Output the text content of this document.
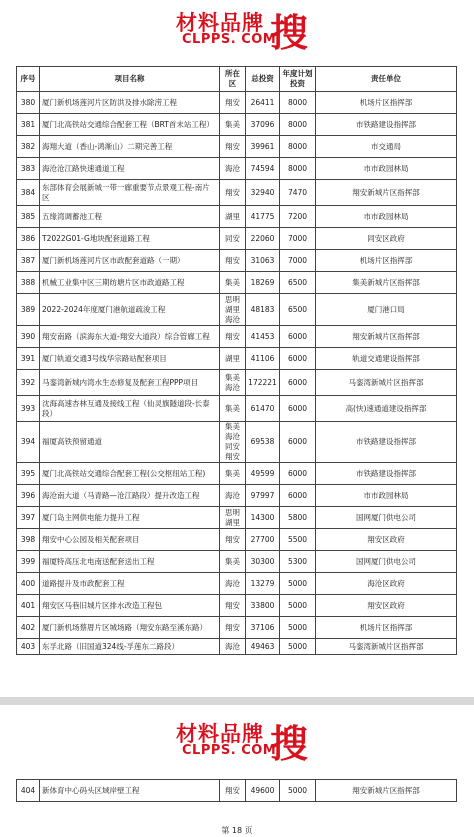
材料品牌
CLPPS. COM
搜
序号	项目名称	所在区	总投资	年度计划投资	责任单位
380	厦门新机场莲河片区防洪及排水除涝工程	翔安	26411	8000	机场片区指挥部
381	厦门北高铁站交通综合配套工程（BRT首末站工程）	集美	37096	8000	市铁路建设指挥部
382	海翔大道（香山-鸿渐山）二期完善工程	翔安	39961	8000	市交通局
383	海沧沧江路快速通道工程	海沧	74594	8000	市市政园林局
384	东部体育会展新城一带一廊重要节点景观工程-南片区	翔安	32940	7470	翔安新城片区指挥部
385	五缘湾调蓄池工程	湖里	41775	7200	市市政园林局
386	T2022G01-G地块配套道路工程	同安	22060	7000	同安区政府
387	厦门新机场莲河片区市政配套道路（一期）	翔安	31063	7000	机场片区指挥部
388	机械工业集中区三期纺塘片区市政道路工程	集美	18269	6500	集美新城片区指挥部
389	2022-2024年度厦门港航道疏浚工程	思明 湖里 海沧	48183	6500	厦门港口局
390	翔安南路（滨海东大道-翔安大道段）综合管廊工程	翔安	41453	6000	翔安新城片区指挥部
391	厦门轨道交通3号线华宗路站配套项目	湖里	41106	6000	轨道交通建设指挥部
392	马銮湾新城内湾水生态修复及配套工程PPP项目	集美 海沧	172221	6000	马銮湾新城片区指挥部
393	沈海高速杏林互通及接线工程（仙灵旗隧道段-长泰段）	集美	61470	6000	高(快)速通道建设指挥部
394	福厦高铁预留通道	集美 海沧 同安 翔安	69538	6000	市铁路建设指挥部
395	厦门北高铁站交通综合配套工程(公交枢纽站工程)	集美	49599	6000	市铁路建设指挥部
396	海沧南大道（马青路—沧江路段）提升改造工程	海沧	97997	6000	市市政园林局
397	厦门岛主网供电能力提升工程	思明 湖里	14300	5800	国网厦门供电公司
398	翔安中心公园及相关配套项目	翔安	27700	5500	翔安区政府
399	福厦特高压北电南送配套送出工程	集美	30300	5300	国网厦门供电公司
400	道路提升及市政配套工程	海沧	13279	5000	海沧区政府
401	翔安区马巷旧城片区排水改造工程包	翔安	33800	5000	翔安区政府
402	厦门新机场蔡厝片区城场路（翔安东路至溪东路）	翔安	37106	5000	机场片区指挥部
403	东孚北路（旧国道324线-孚莲东二路段）	海沧	49463	5000	马銮湾新城片区指挥部
材料品牌
CLPPS. COM
搜
404	新体育中心码头区域岸壁工程	翔安	49600	5000	翔安新城片区指挥部
第 18 页
